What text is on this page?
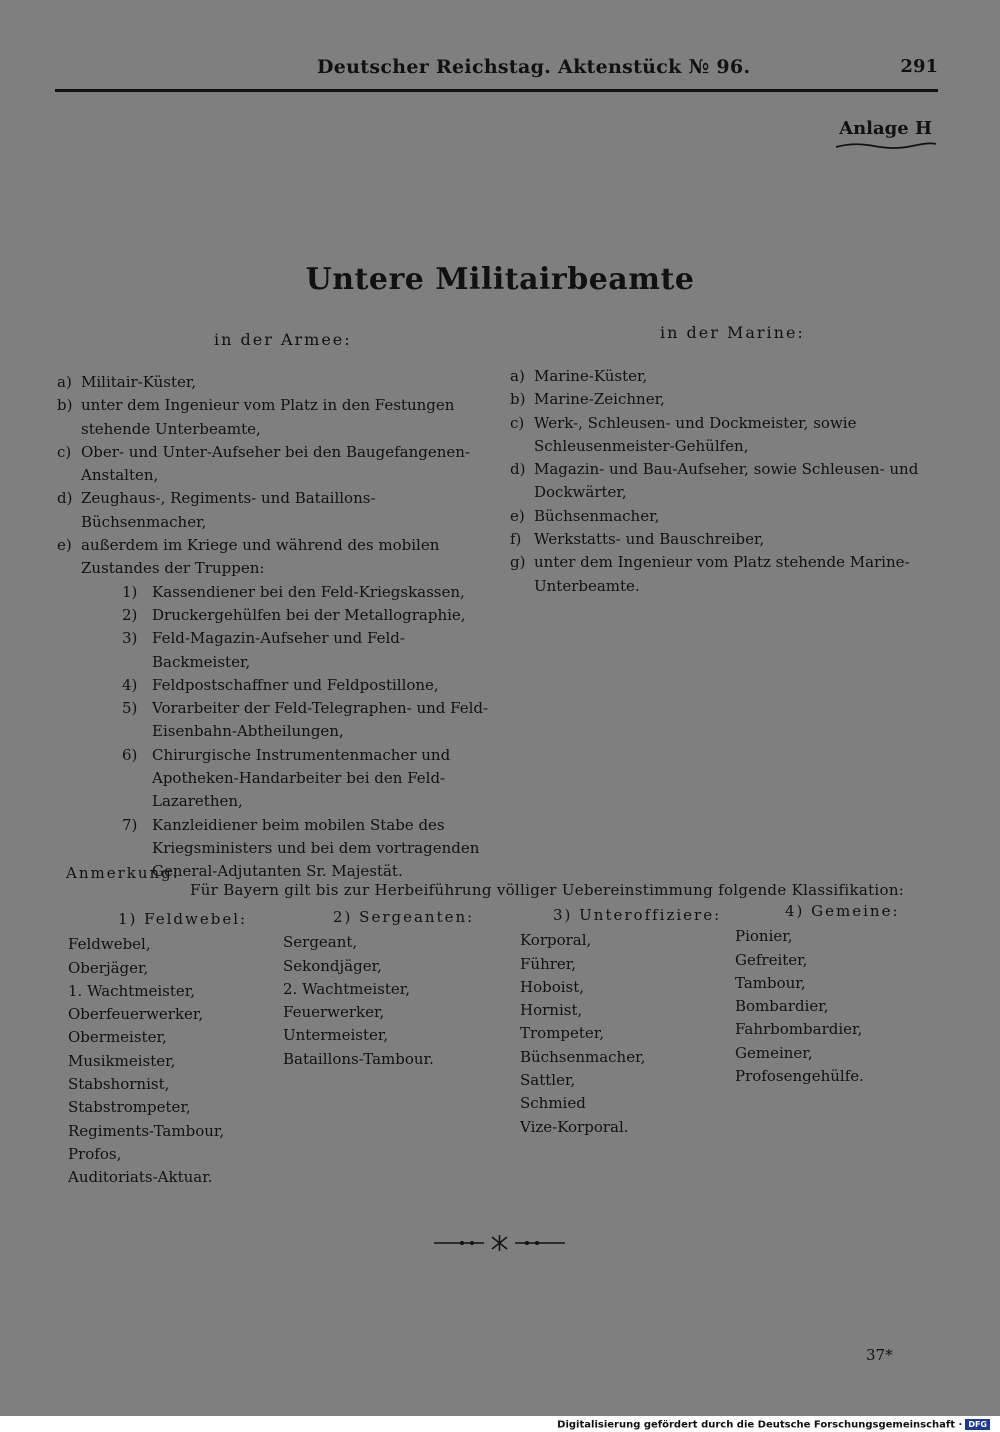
Deutscher Reichstag. Aktenstück № 96.	291
Anlage H
Untere Militairbeamte
in der Armee:
a) Militair-Küster,
b) unter dem Ingenieur vom Platz in den Festungen stehende Unterbeamte,
c) Ober- und Unter-Aufseher bei den Baugefangenen-Anstalten,
d) Zeughaus-, Regiments- und Bataillons-Büchsenmacher,
e) außerdem im Kriege und während des mobilen Zustandes der Truppen:
1) Kassendiener bei den Feld-Kriegskassen,
2) Druckergehülfen bei der Metallographie,
3) Feld-Magazin-Aufseher und Feld-Backmeister,
4) Feldpostschaffner und Feldpostillone,
5) Vorarbeiter der Feld-Telegraphen- und Feld-Eisenbahn-Abtheilungen,
6) Chirurgische Instrumentenmacher und Apotheken-Handarbeiter bei den Feld-Lazarethen,
7) Kanzleidiener beim mobilen Stabe des Kriegsministers und bei dem vortragenden General-Adjutanten Sr. Majestät.
in der Marine:
a) Marine-Küster,
b) Marine-Zeichner,
c) Werk-, Schleusen- und Dockmeister, sowie Schleusenmeister-Gehülfen,
d) Magazin- und Bau-Aufseher, sowie Schleusen- und Dockwärter,
e) Büchsenmacher,
f) Werkstatts- und Bauschreiber,
g) unter dem Ingenieur vom Platz stehende Marine-Unterbeamte.
Anmerkung:
Für Bayern gilt bis zur Herbeiführung völliger Uebereinstimmung folgende Klassifikation:
1) Feldwebel:
Feldwebel,
Oberjäger,
1. Wachtmeister,
Oberfeuerwerker,
Obermeister,
Musikmeister,
Stabshornist,
Stabstrompeter,
Regiments-Tambour,
Profos,
Auditoriats-Aktuar.
2) Sergeanten:
Sergeant,
Sekondjäger,
2. Wachtmeister,
Feuerwerker,
Untermeister,
Bataillons-Tambour.
3) Unteroffiziere:
Korporal,
Führer,
Hoboist,
Hornist,
Trompeter,
Büchsenmacher,
Sattler,
Schmied
Vize-Korporal.
4) Gemeine:
Pionier,
Gefreiter,
Tambour,
Bombardier,
Fahrbombardier,
Gemeiner,
Profosengehülfe.
37*
Digitalisierung gefördert durch die Deutsche Forschungsgemeinschaft · DFG
